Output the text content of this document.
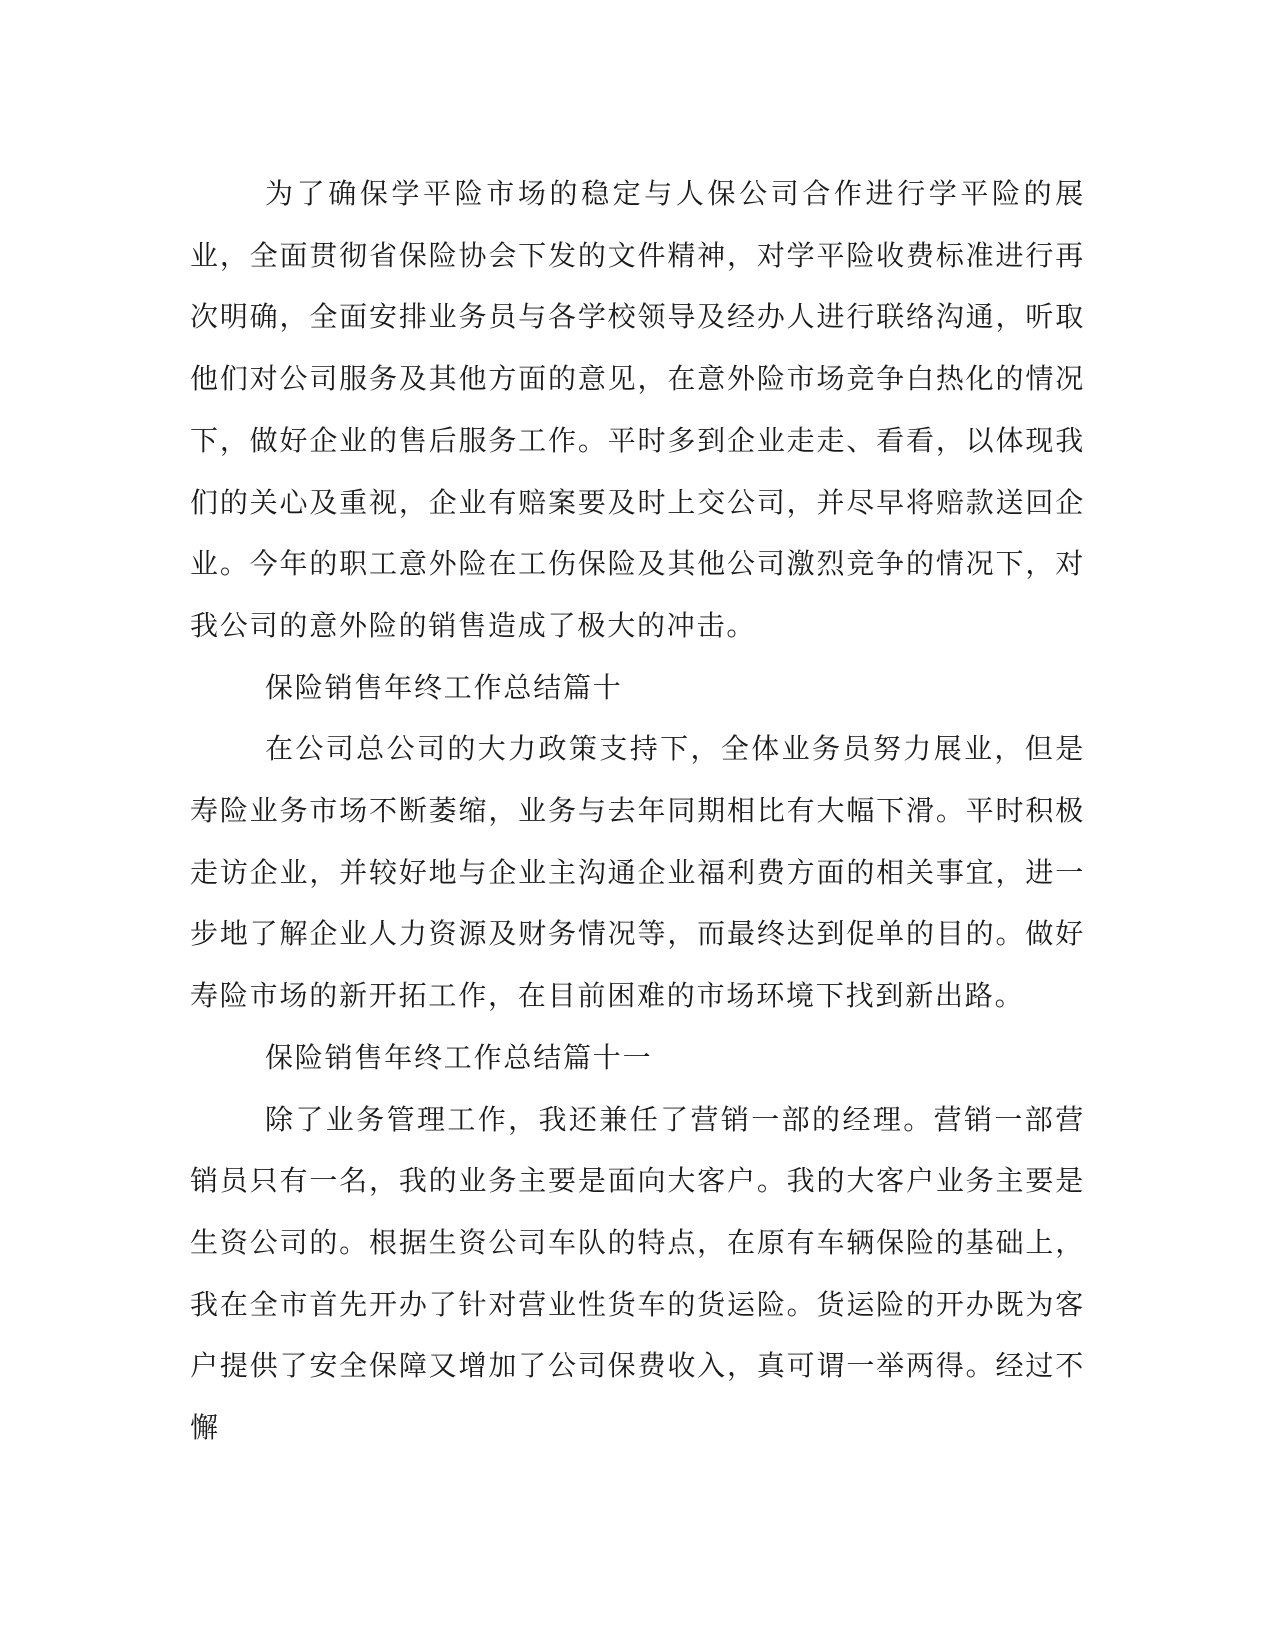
为了确保学平险市场的稳定与人保公司合作进行学平险的展业，全面贯彻省保险协会下发的文件精神，对学平险收费标准进行再次明确，全面安排业务员与各学校领导及经办人进行联络沟通，听取他们对公司服务及其他方面的意见，在意外险市场竞争白热化的情况下，做好企业的售后服务工作。平时多到企业走走、看看，以体现我们的关心及重视，企业有赔案要及时上交公司，并尽早将赔款送回企业。今年的职工意外险在工伤保险及其他公司激烈竞争的情况下，对我公司的意外险的销售造成了极大的冲击。

保险销售年终工作总结篇十

在公司总公司的大力政策支持下，全体业务员努力展业，但是寿险业务市场不断萎缩，业务与去年同期相比有大幅下滑。平时积极走访企业，并较好地与企业主沟通企业福利费方面的相关事宜，进一步地了解企业人力资源及财务情况等，而最终达到促单的目的。做好寿险市场的新开拓工作，在目前困难的市场环境下找到新出路。

保险销售年终工作总结篇十一

除了业务管理工作，我还兼任了营销一部的经理。营销一部营销员只有一名，我的业务主要是面向大客户。我的大客户业务主要是生资公司的。根据生资公司车队的特点，在原有车辆保险的基础上，我在全市首先开办了针对营业性货车的货运险。货运险的开办既为客户提供了安全保障又增加了公司保费收入，真可谓一举两得。经过不懈
